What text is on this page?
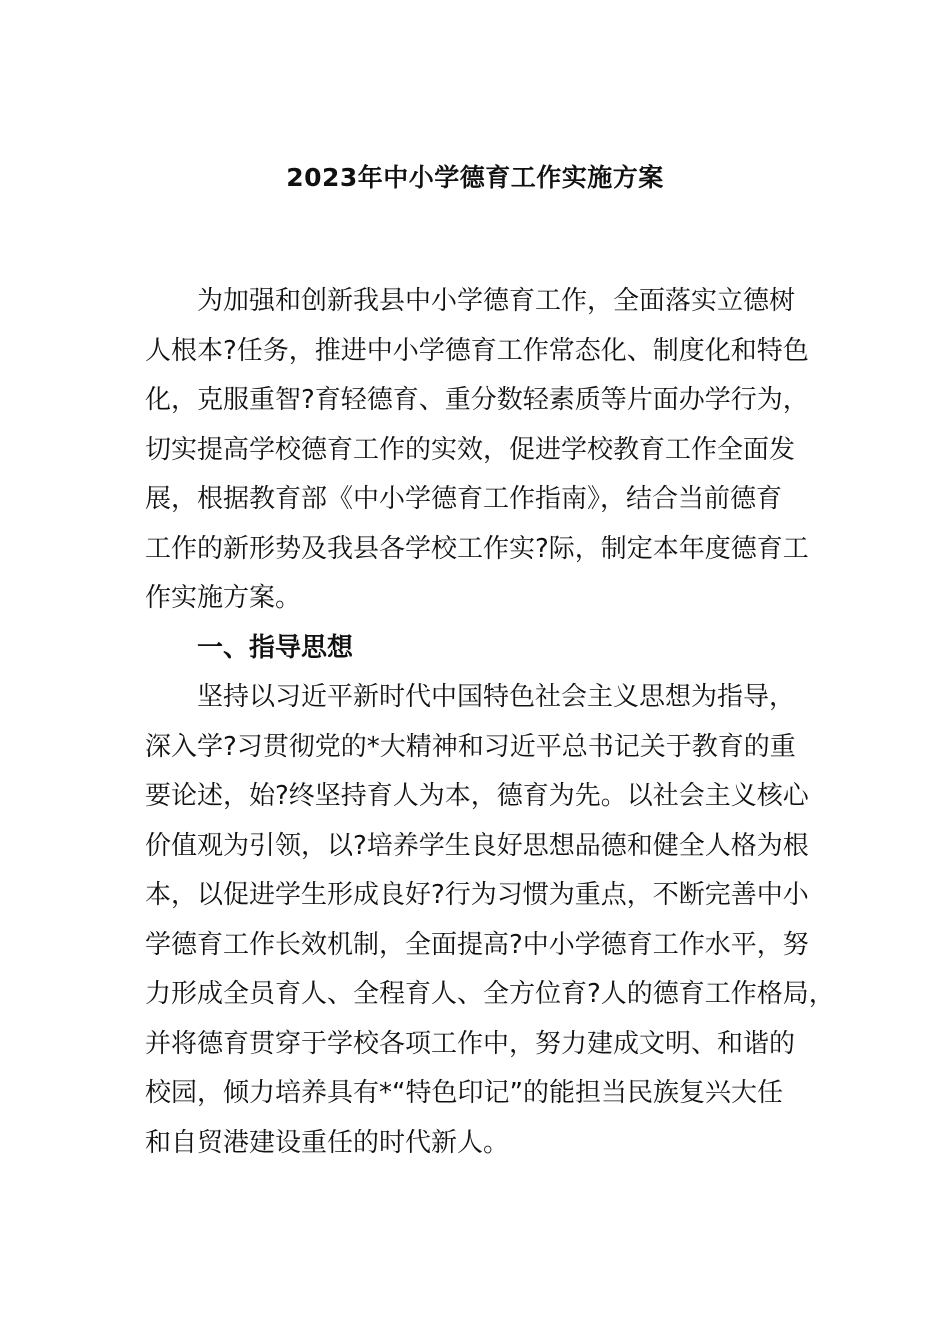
2023年中小学德育工作实施方案
为加强和创新我县中小学德育工作，全面落实立德树
人根本?任务，推进中小学德育工作常态化、制度化和特色
化，克服重智?育轻德育、重分数轻素质等片面办学行为，
切实提高学校德育工作的实效，促进学校教育工作全面发
展，根据教育部《中小学德育工作指南》，结合当前德育
工作的新形势及我县各学校工作实?际，制定本年度德育工
作实施方案。
一、指导思想
坚持以习近平新时代中国特色社会主义思想为指导，
深入学?习贯彻党的*大精神和习近平总书记关于教育的重
要论述，始?终坚持育人为本，德育为先。以社会主义核心
价值观为引领，以?培养学生良好思想品德和健全人格为根
本，以促进学生形成良好?行为习惯为重点，不断完善中小
学德育工作长效机制，全面提高?中小学德育工作水平，努
力形成全员育人、全程育人、全方位育?人的德育工作格局，
并将德育贯穿于学校各项工作中，努力建成文明、和谐的
校园，倾力培养具有*“特色印记”的能担当民族复兴大任
和自贸港建设重任的时代新人。
